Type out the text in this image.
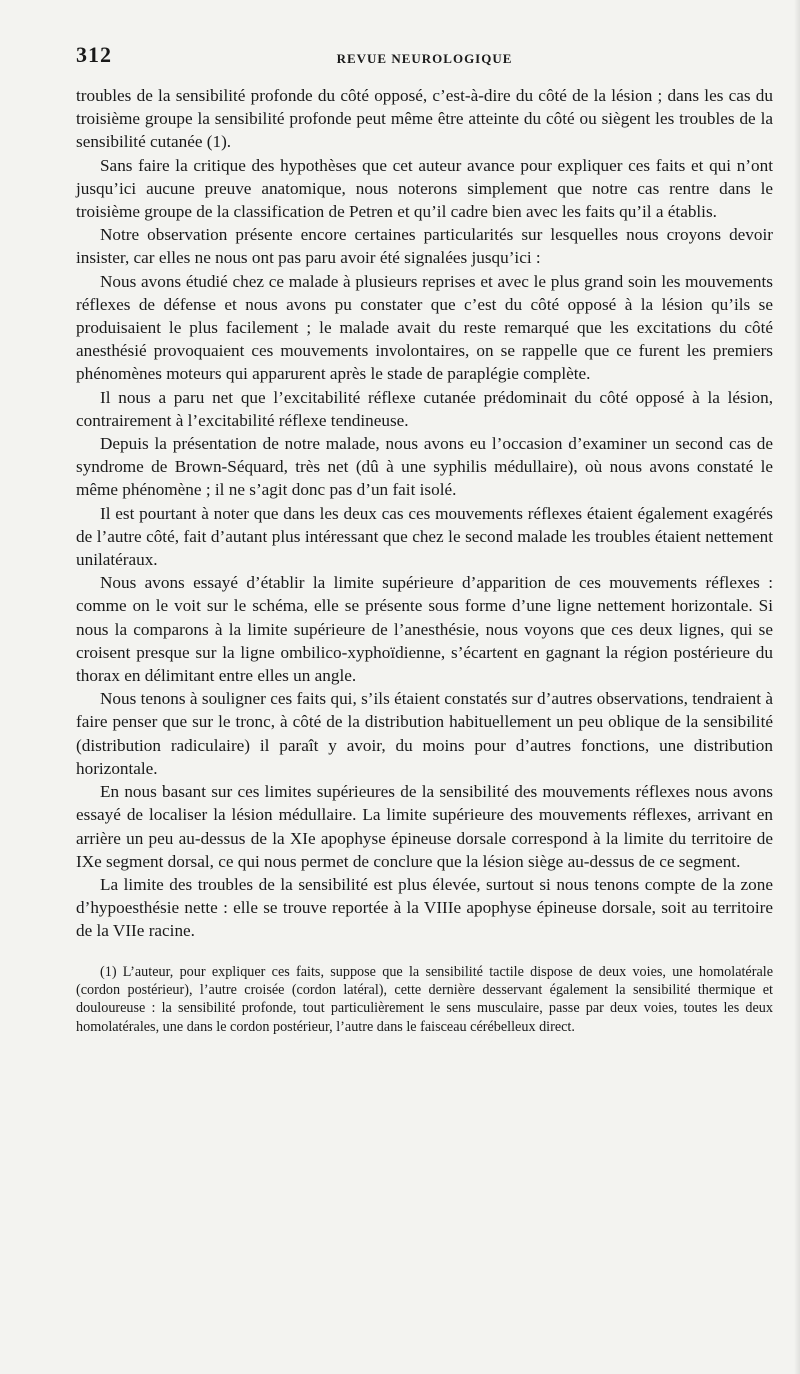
312	REVUE NEUROLOGIQUE

troubles de la sensibilité profonde du côté opposé, c’est-à-dire du côté de la lésion ; dans les cas du troisième groupe la sensibilité profonde peut même être atteinte du côté ou siègent les troubles de la sensibilité cutanée (1).

Sans faire la critique des hypothèses que cet auteur avance pour expliquer ces faits et qui n’ont jusqu’ici aucune preuve anatomique, nous noterons simplement que notre cas rentre dans le troisième groupe de la classification de Petren et qu’il cadre bien avec les faits qu’il a établis.

Notre observation présente encore certaines particularités sur lesquelles nous croyons devoir insister, car elles ne nous ont pas paru avoir été signalées jusqu’ici :

Nous avons étudié chez ce malade à plusieurs reprises et avec le plus grand soin les mouvements réflexes de défense et nous avons pu constater que c’est du côté opposé à la lésion qu’ils se produisaient le plus facilement ; le malade avait du reste remarqué que les excitations du côté anesthésié provoquaient ces mouvements involontaires, on se rappelle que ce furent les premiers phénomènes moteurs qui apparurent après le stade de paraplégie complète.

Il nous a paru net que l’excitabilité réflexe cutanée prédominait du côté opposé à la lésion, contrairement à l’excitabilité réflexe tendineuse.

Depuis la présentation de notre malade, nous avons eu l’occasion d’examiner un second cas de syndrome de Brown-Séquard, très net (dû à une syphilis médullaire), où nous avons constaté le même phénomène ; il ne s’agit donc pas d’un fait isolé.

Il est pourtant à noter que dans les deux cas ces mouvements réflexes étaient également exagérés de l’autre côté, fait d’autant plus intéressant que chez le second malade les troubles étaient nettement unilatéraux.

Nous avons essayé d’établir la limite supérieure d’apparition de ces mouvements réflexes : comme on le voit sur le schéma, elle se présente sous forme d’une ligne nettement horizontale. Si nous la comparons à la limite supérieure de l’anesthésie, nous voyons que ces deux lignes, qui se croisent presque sur la ligne ombilico-xyphoïdienne, s’écartent en gagnant la région postérieure du thorax en délimitant entre elles un angle.

Nous tenons à souligner ces faits qui, s’ils étaient constatés sur d’autres observations, tendraient à faire penser que sur le tronc, à côté de la distribution habituellement un peu oblique de la sensibilité (distribution radiculaire) il paraît y avoir, du moins pour d’autres fonctions, une distribution horizontale.

En nous basant sur ces limites supérieures de la sensibilité des mouvements réflexes nous avons essayé de localiser la lésion médullaire. La limite supérieure des mouvements réflexes, arrivant en arrière un peu au-dessus de la XIe apophyse épineuse dorsale correspond à la limite du territoire de IXe segment dorsal, ce qui nous permet de conclure que la lésion siège au-dessus de ce segment.

La limite des troubles de la sensibilité est plus élevée, surtout si nous tenons compte de la zone d’hypoesthésie nette : elle se trouve reportée à la VIIIe apophyse épineuse dorsale, soit au territoire de la VIIe racine.

(1) L’auteur, pour expliquer ces faits, suppose que la sensibilité tactile dispose de deux voies, une homolatérale (cordon postérieur), l’autre croisée (cordon latéral), cette dernière desservant également la sensibilité thermique et douloureuse : la sensibilité profonde, tout particulièrement le sens musculaire, passe par deux voies, toutes les deux homolatérales, une dans le cordon postérieur, l’autre dans le faisceau cérébelleux direct.
